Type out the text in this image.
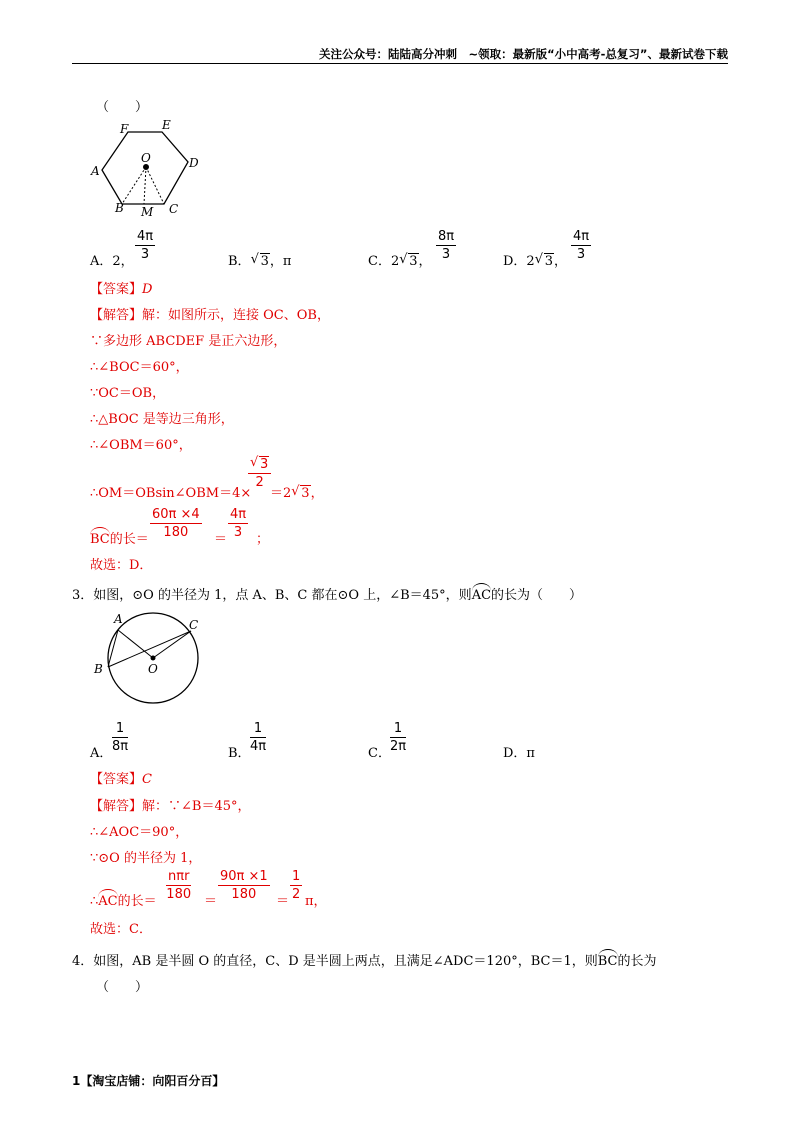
关注公众号：陆陆高分冲刺　~领取：最新版“小中高考-总复习”、最新试卷下载
（　　）
F	E
A
O	D
B M C
A．2， $\frac{4\pi}{3}$	B． √ 3，π	C．2 √ 3， $\frac{8\pi}{3}$	D．2 √ 3， $\frac{4\pi}{3}$
【答案】D
【解答】解：如图所示，连接 OC、OB，
∵多边形 ABCDEF 是正六边形，
∴∠BOC＝60°，
∵OC＝OB，
∴△BOC 是等边三角形，
∴∠OBM＝60°，
∴OM＝OBsin∠OBM＝4×
√ $\frac{3}{2}$
＝2 √ 3，
BC的长＝ $\frac{60\pi \times 4}{180} = \frac{4\pi}{3}$ ；
故选：D．
3．如图，⊙O 的半径为 1，点 A、B、C 都在⊙O 上，∠B＝45°，则AC的长为（　　）
A	C
B	O
A． $\frac{1}{8\pi}$	B． $\frac{1}{4\pi}$	C． $\frac{1}{2\pi}$	D．π
【答案】C
【解答】解：∵∠B＝45°，
∴∠AOC＝90°，
∵⊙O 的半径为 1，
∴AC的长＝
nπr
$180 = \frac{90\pi \times 1}{180} = \frac{1}{2}$ π，
故选：C．
4．如图，AB 是半圆 O 的直径，C、D 是半圆上两点，且满足∠ADC＝120°，BC＝1，则BC的长为
（　　）
1【淘宝店铺：向阳百分百】
